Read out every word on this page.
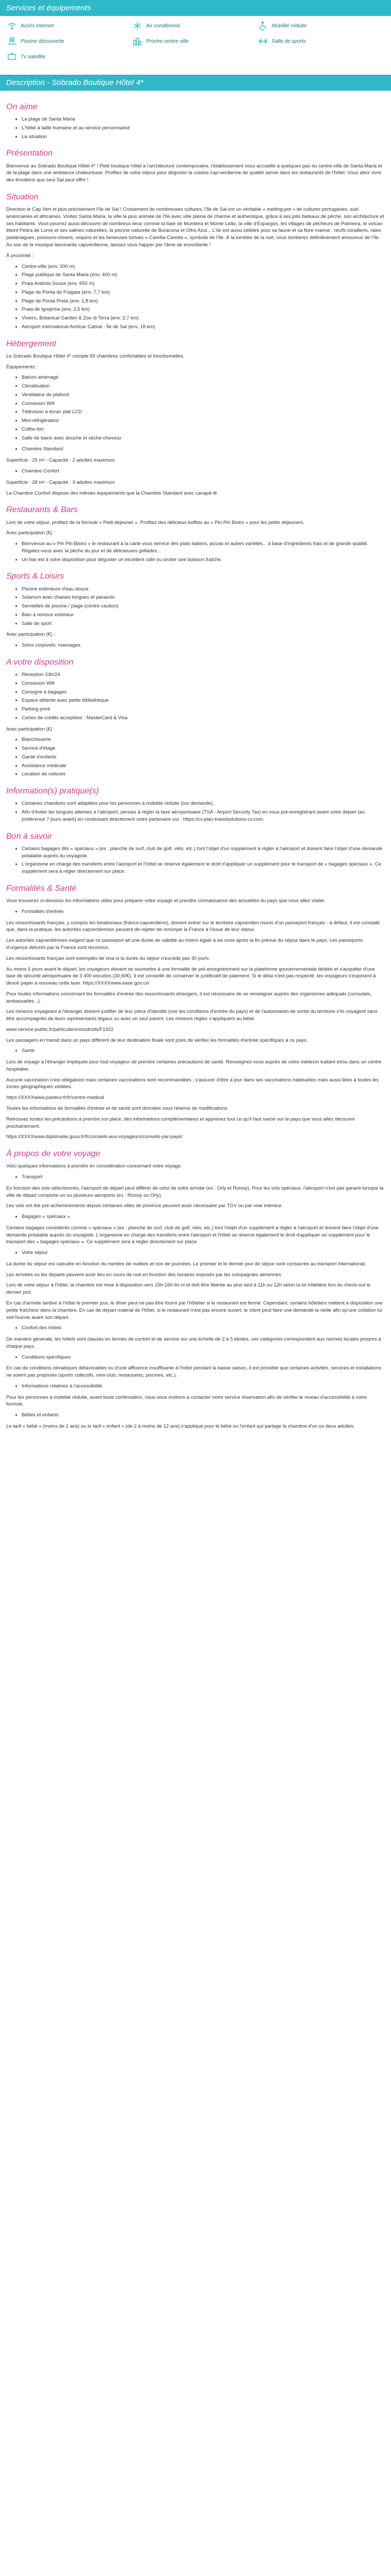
Services et équipements
Accès Internet	Air conditionné	Mobilité réduite
Piscine découverte	Proche centre ville	Salle de sports
Tv satellite
Description - Sobrado Boutique Hôtel 4*
On aime
• La plage de Santa Maria
• L'hôtel à taille humaine et au service personnalisé
• La situation
Présentation

Bienvenue au Sobrado Boutique Hôtel 4* ! Petit boutique hôtel à l'architecture contemporaine, l'établissement vous accueille à quelques pas du centre-ville de Santa Maria et de la plage dans une ambiance chaleureuse. Profitez de votre séjour pour déguster la cuisine cap-verdienne de qualité servie dans les restaurants de l'hôtel. Vous allez vivre des émotions que seul Sal peut offrir !

Situation

Direction le Cap Vert et plus précisément l'île de Sal ! Croisement de nombreuses cultures, l'île de Sal est un véritable « melting-pot » de cultures portugaises, sud-américaines et africaines. Visitez Santa Maria, la ville la plus animée de l'île avec ville pleine de charme et authentique, grâce à ses jolis bateaux de pêche, son architecture et ses habitants. Vous pourrez aussi découvrir de nombreux lieux comme la baie de Murdeira et Monte Leão, la ville d'Espargos, les villages de pêcheurs de Palmeira, le volcan éteint Pedra de Lume et ses salines naturelles, la piscine naturelle de Buracona et Olho Azul... L'île est aussi célèbre pour sa faune et sa flore marine : récifs coralliens, raies pastenagues, poissons-clowns, requins et les fameuses tortues « Caretta-Caretta », symbole de l'île. À la tombée de la nuit, vous tomberez définitivement amoureux de l'île. Au son de la musique lancinante capverdienne, laissez-vous happer par l'âme de envoûtante !

À proximité :

• Centre-ville (env. 200 m)
• Plage publique de Santa Maria (env. 400 m)
• Praia António Sousa (env. 650 m)
• Plage de Ponta do Fragata (env. 7,7 km)
• Plage de Ponta Preta (env. 1,8 km)
• Praia de Igrejinha (env. 2,5 km)
• Viveiro, Botanical Garden & Zoo di Terra (env. 2,7 km)
• Aéroport international Amílcar Cabral - Île de Sal (env. 18 km)
Hébergement

Le Sobrado Boutique Hôtel 4* compte 55 chambres confortables et fonctionnelles.

Équipements :

• Balcon aménagé
• Climatisation
• Ventilateur de plafond
• Connexion Wifi
• Télévision à écran plat LCD
• Mini-réfrigérateur
• Coffre-fort
• Salle de bains avec douche et sèche-cheveux
• Chambre Standard

Superficie : 25 m² - Capacité : 2 adultes maximum

• Chambre Confort

Superficie : 28 m² - Capacité : 3 adultes maximum

La Chambre Confort dispose des mêmes équipements que la Chambre Standard avec canapé-lit.

Restaurants & Bars

Lors de votre séjour, profitez de la formule « Petit déjeuner ». Profitez des délicieux buffets au « Piri Piri Bistro » pour les petits déjeuners.

Avec participation (€) :

• Bienvenue au « Piri Piri Bistro » le restaurant à la carte vous service des plats italiens, pizzas et autres variétés... à base d'ingrédients frais et de grande qualité. Régalez-vous avec la pêche du jour et de délicieuses grillades...
• Un bar est à votre disposition pour déguster un excellent café ou siroter une boisson fraîche.
Sports & Loisirs
• Piscine extérieure d'eau douce
• Solarium avec chaises longues et parasols
• Serviettes de piscine / plage (contre caution)
• Bain à remous extérieur
• Salle de sport

Avec participation (€) :

• Soins corporels, massages
A votre disposition
• Réception 24h/24
• Connexion Wifi
• Consigne à bagages
• Espace détente avec petite bibliothèque
• Parking privé
• Cartes de crédits acceptées : MasterCard & Visa

Avec participation (€) :

• Blanchisserie
• Service d'étage
• Garde d'enfants
• Assistance médicale
• Location de voitures
Information(s) pratique(s)
• Certaines chambres sont adaptées pour les personnes à mobilité réduite (sur demande).
• Afin d'éviter les longues attentes à l'aéroport, pensez à régler la taxe aéroportuaire (TSA - Airport Security Tax) en vous pré-enregistrant avant votre départ (au préférence 7 jours avant) en conduisant directement notre partenaire sur : https://cv.plan-travelsolutions-cv.com.
Bon à savoir
• Certains bagages dits « spéciaux » (ex : planche de surf, club de golf, vélo, etc.) font l'objet d'un supplément à régler à l'aéroport et doivent faire l'objet d'une demande préalable auprès du voyagiste.
• L'organisme en charge des transferts entre l'aéroport et l'hôtel se réserve également le droit d'appliquer un supplément pour le transport de « bagages spéciaux ». Ce supplément sera à régler directement sur place.
Formalités & Santé

Vous trouverez ci-dessous les informations utiles pour préparer votre voyage et prendre connaissance des actualités du pays que vous allez visiter.

• Formalités d'entrée

Les ressortissants français, y compris les binationaux (franco-capverdiens), doivent entrer sur le territoire capverdien munis d'un passeport français : à défaut, il est constaté que, dans la pratique, les autorités capverdiennes peuvent de rejeter de renvoyer la France à l'issue de leur séjour.

Les autorités capverdiennes exigent que ce passeport ait une durée de validité au moins égale à six mois après la fin prévue du séjour dans le pays. Les passeports d'urgence délivrés par la France sont reconnus.

Les ressortissants français sont exemptés de visa si la durée du séjour n'excède pas 30 jours.

Au moins 5 jours avant le départ, les voyageurs doivent se soumettre à une formalité de pré-enregistrement sur la plateforme gouvernementale dédiée et s'acquitter d'une taxe de sécurité aéroportuaire de 3 400 escudos (30,60€). Il est conseillé de conserver le justificatif de paiement. Si le délai n'est pas respecté, les voyageurs s'exposent à devoir payer à nouveau cette taxe. https://XXXXwww.ease.gov.cv/

Pour toutes informations concernant les formalités d'entrée des ressortissants étrangers, il est nécessaire de se renseigner auprès des organismes adéquats (consulats, ambassades...).

Les mineurs voyageant à l'étranger doivent justifier de leur pièce d'identité (voir les conditions d'entrée du pays) et de l'autorisation de sortie du territoire s'ils voyagent sans être accompagnés de leurs représentants légaux ou avec un seul parent. Les mineurs règles s'appliquent au bébé.

www.service-public.fr/particuliers/vosdroits/F1922

Les passagers en transit dans un pays différent de leur destination finale sont priés de vérifier les formalités d'entrée spécifiques à ce pays.

• Santé

Lors de voyage à l'étranger impliquée pour tout voyageur de prendre certaines précautions de santé. Renseignez-vous auprès de votre médecin traitant et/ou dans un centre hospitalier.

Aucune vaccination n'est obligatoire mais certaines vaccinations sont recommandées ; s'assurer d'être à jour dans ses vaccinations habituelles mais aussi liées à toutes les zones géographiques visitées.

https://XXXXwww.pasteur.fr/fr/centre-medical

Toutes les informations de formalités d'entrée et de santé sont données sous réserve de modifications.

Retrouvez toutes les précautions à prendre sur place, des informations complémentaires et apprenez tout ce qu'il faut savoir sur le pays que vous allez découvrir prochainement.

https://XXXXwww.diplomatie.gouv.fr/fr/conseils-aux-voyageurs/conseils-par-pays/

À propos de votre voyage

Voici quelques informations à prendre en considération concernant votre voyage.

• Transport

En fonction des vols sélectionnés, l'aéroport de départ peut différer de celui de votre arrivée (ex : Orly et Roissy). Pour les vols spéciaux, l'aéroport n'est pas garanti lorsque la ville de départ comporte un ou plusieurs aéroports (ex : Roissy ou Orly).

Les vols ont été pré-acheminements depuis certaines villes de province peuvent avoir nécessaire par TGV ou par voie intérieur.

• Bagages « spéciaux »

Certains bagages considérés comme « spéciaux » (ex : planche de surf, club de golf, vélo, etc.) font l'objet d'un supplément à régler à l'aéroport et doivent faire l'objet d'une demande préalable auprès du voyagiste. L'organisme en charge des transferts entre l'aéroport et l'hôtel se réserve également le droit d'appliquer un supplément pour le transport des « bagages spéciaux ». Ce supplément sera à régler directement sur place.

• Votre séjour

La durée du séjour est calculée en fonction du nombre de nuitées et non de journées. Le premier et le dernier jour de séjour sont consacrés au transport international.

Les arrivées ou les départs peuvent avoir lieu en cours de nuit en fonction des horaires imposés par les compagnies aériennes.

Lors de votre séjour à l'hôtel, la chambre est mise à disposition vers 15h-16h-Ils-ni et doit être libérée au plus tard à 11h ou 12h selon la loi hôtelière lors du check-out le dernier jour.

En cas d'arrivée tardive à l'hôtel le premier jour, le dîner peut ne pas être fourni par l'hôtelier si le restaurant est fermé. Cependant, certains hôteliers mettent à disposition une petite fraîcheur dans la chambre. En cas de départ matinal de l'hôtel, si le restaurant n'est pas encore ouvert, le client peut faire une demande la veille afin qu'une collation lui soit fournie avant son départ.

• Confort des hôtels

De manière générale, les hôtels sont classés en termes de confort et de service sur une échelle de 2 à 5 étoiles, ces catégories correspondent aux normes locales propres à chaque pays.

• Conditions spécifiques

En cas de conditions climatiques défavorables ou d'une affluence insuffisante à l'hôtel pendant la basse saison, il est possible que certaines activités, services et installations ne soient pas proposés (sports collectifs, mini-club, restaurants, piscines, etc.).

• Informations relatives à l'accessibilité

Pour les personnes à mobilité réduite, avant toute confirmation, nous vous invitons à contacter notre service réservation afin de vérifier le niveau d'accessibilité à votre formule.

• Bébés et enfants

Le tarif « bébé » (moins de 2 ans) ou le tarif « enfant » (de 2 à moins de 12 ans) s'applique pour le bébé ou l'enfant qui partage la chambre d'un ou deux adultes.
